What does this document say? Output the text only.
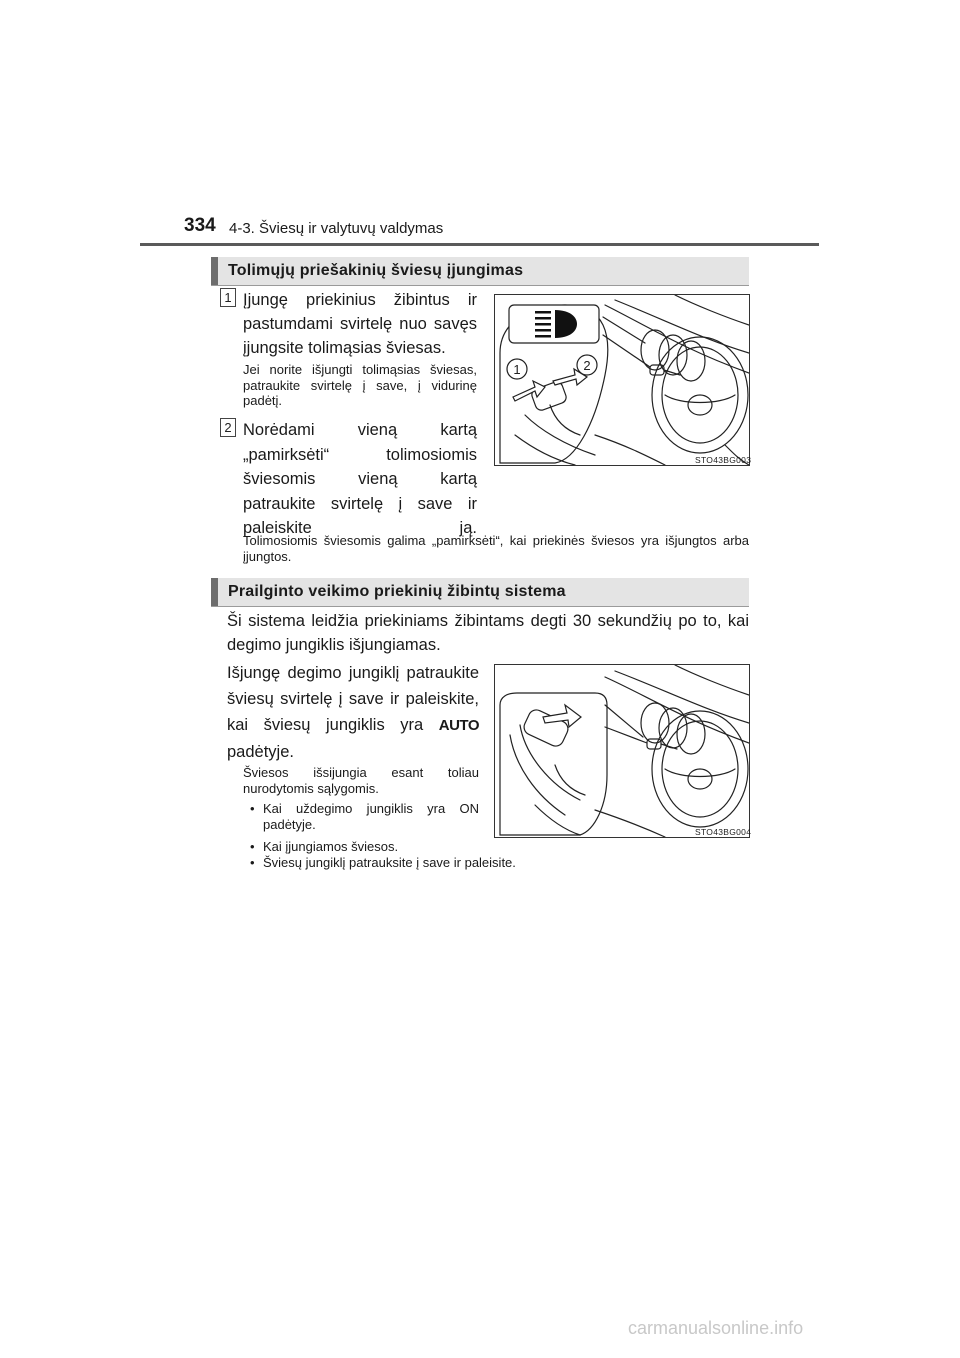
334 4-3. Šviesų ir valytuvų valdymas
Tolimųjų priešakinių šviesų įjungimas
1 Įjungę priekinius žibintus ir pastumdami svirtelę nuo savęs įjungsite tolimąsias šviesas.
Jei norite išjungti tolimąsias šviesas, patraukite svirtelę į save, į vidurinę padėtį.
2 Norėdami vieną kartą „pamirksėti“ tolimosiomis šviesomis vieną kartą patraukite svirtelę į save ir paleiskite ją.
Tolimosiomis šviesomis galima „pamirksėti“, kai priekinės šviesos yra išjungtos arba įjungtos.
1	2
STO43BG003
Prailginto veikimo priekinių žibintų sistema
Ši sistema leidžia priekiniams žibintams degti 30 sekundžių po to, kai degimo jungiklis išjungiamas.
Išjungę degimo jungiklį patraukite šviesų svirtelę į save ir paleiskite, kai šviesų jungiklis yra AUTO padėtyje.
Šviesos išsijungia esant toliau nurodytomis sąlygomis.
• Kai uždegimo jungiklis yra ON padėtyje.
• Kai įjungiamos šviesos.
• Šviesų jungiklį patrauksite į save ir paleisite.
STO43BG004
carmanualsonline.info
